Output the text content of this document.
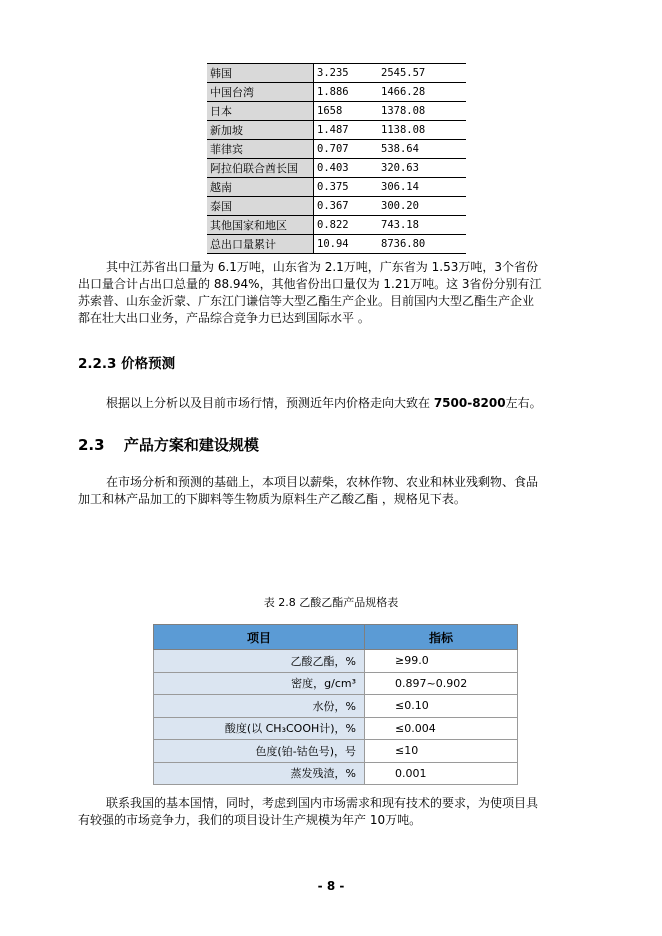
韩国	3.235	2545.57
中国台湾	1.886	1466.28
日本	1658	1378.08
新加坡	1.487	1138.08
菲律宾	0.707	538.64
阿拉伯联合酋长国	0.403	320.63
越南	0.375	306.14
泰国	0.367	300.20
其他国家和地区	0.822	743.18
总出口量累计	10.94	8736.80
其中江苏省出口量为 6.1万吨，山东省为 2.1万吨，广东省为 1.53万吨，3个省份
出口量合计占出口总量的 88.94%，其他省份出口量仅为 1.21万吨。这 3省份分别有江
苏索普、山东金沂蒙、广东江门谦信等大型乙酯生产企业。目前国内大型乙酯生产企业
都在壮大出口业务，产品综合竞争力已达到国际水平 。
2.2.3 价格预测
根据以上分析以及目前市场行情，预测近年内价格走向大致在 7500-8200左右。
2.3 产品方案和建设规模
在市场分析和预测的基础上，本项目以薪柴，农林作物、农业和林业残剩物、食品
加工和林产品加工的下脚料等生物质为原料生产乙酸乙酯 ，规格见下表。
表 2.8 乙酸乙酯产品规格表
项目	指标
乙酸乙酯，%	≥99.0
密度，g/cm³	0.897~0.902
水份，%	≤0.10
酸度(以 CH₃COOH计)，%	≤0.004
色度(铂-钴色号)，号	≤10
蒸发残渣，%	0.001
联系我国的基本国情，同时，考虑到国内市场需求和现有技术的要求，为使项目具
有较强的市场竞争力，我们的项目设计生产规模为年产 10万吨。
- 8 -
